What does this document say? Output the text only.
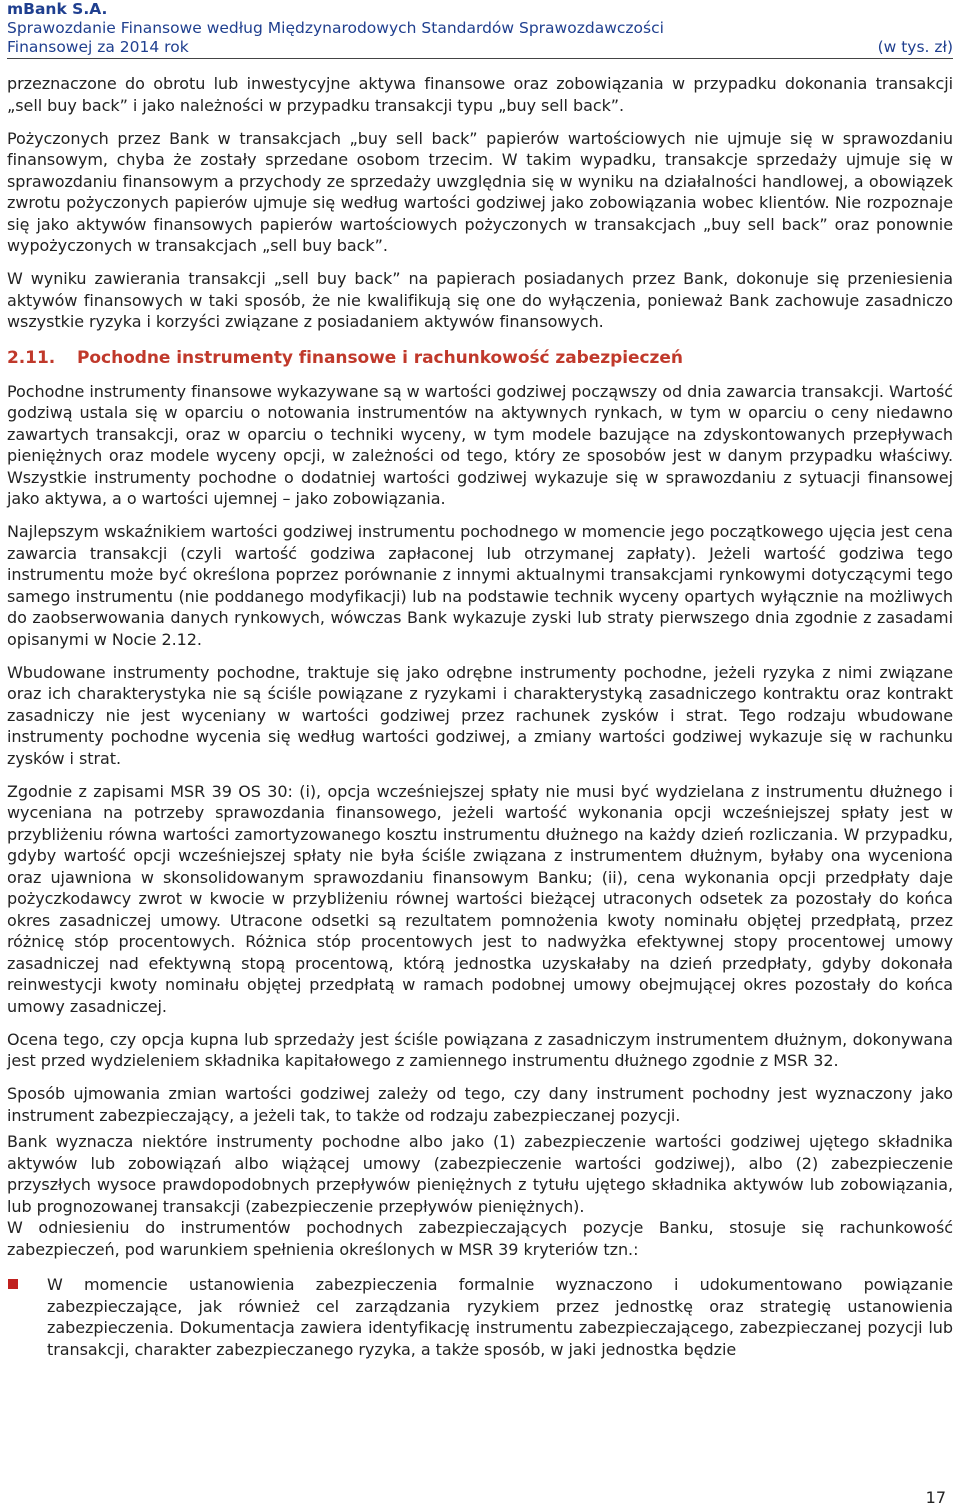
mBank S.A.
Sprawozdanie Finansowe według Międzynarodowych Standardów Sprawozdawczości
Finansowej za 2014 rok	(w tys. zł)

przeznaczone do obrotu lub inwestycyjne aktywa finansowe oraz zobowiązania w przypadku dokonania transakcji „sell buy back” i jako należności w przypadku transakcji typu „buy sell back”.

Pożyczonych przez Bank w transakcjach „buy sell back” papierów wartościowych nie ujmuje się w sprawozdaniu finansowym, chyba że zostały sprzedane osobom trzecim. W takim wypadku, transakcje sprzedaży ujmuje się w sprawozdaniu finansowym a przychody ze sprzedaży uwzględnia się w wyniku na działalności handlowej, a obowiązek zwrotu pożyczonych papierów ujmuje się według wartości godziwej jako zobowiązania wobec klientów. Nie rozpoznaje się jako aktywów finansowych papierów wartościowych pożyczonych w transakcjach „buy sell back” oraz ponownie wypożyczonych w transakcjach „sell buy back”.

W wyniku zawierania transakcji „sell buy back” na papierach posiadanych przez Bank, dokonuje się przeniesienia aktywów finansowych w taki sposób, że nie kwalifikują się one do wyłączenia, ponieważ Bank zachowuje zasadniczo wszystkie ryzyka i korzyści związane z posiadaniem aktywów finansowych.

2.11. Pochodne instrumenty finansowe i rachunkowość zabezpieczeń

Pochodne instrumenty finansowe wykazywane są w wartości godziwej począwszy od dnia zawarcia transakcji. Wartość godziwą ustala się w oparciu o notowania instrumentów na aktywnych rynkach, w tym w oparciu o ceny niedawno zawartych transakcji, oraz w oparciu o techniki wyceny, w tym modele bazujące na zdyskontowanych przepływach pieniężnych oraz modele wyceny opcji, w zależności od tego, który ze sposobów jest w danym przypadku właściwy. Wszystkie instrumenty pochodne o dodatniej wartości godziwej wykazuje się w sprawozdaniu z sytuacji finansowej jako aktywa, a o wartości ujemnej – jako zobowiązania.

Najlepszym wskaźnikiem wartości godziwej instrumentu pochodnego w momencie jego początkowego ujęcia jest cena zawarcia transakcji (czyli wartość godziwa zapłaconej lub otrzymanej zapłaty). Jeżeli wartość godziwa tego instrumentu może być określona poprzez porównanie z innymi aktualnymi transakcjami rynkowymi dotyczącymi tego samego instrumentu (nie poddanego modyfikacji) lub na podstawie technik wyceny opartych wyłącznie na możliwych do zaobserwowania danych rynkowych, wówczas Bank wykazuje zyski lub straty pierwszego dnia zgodnie z zasadami opisanymi w Nocie 2.12.

Wbudowane instrumenty pochodne, traktuje się jako odrębne instrumenty pochodne, jeżeli ryzyka z nimi związane oraz ich charakterystyka nie są ściśle powiązane z ryzykami i charakterystyką zasadniczego kontraktu oraz kontrakt zasadniczy nie jest wyceniany w wartości godziwej przez rachunek zysków i strat. Tego rodzaju wbudowane instrumenty pochodne wycenia się według wartości godziwej, a zmiany wartości godziwej wykazuje się w rachunku zysków i strat.

Zgodnie z zapisami MSR 39 OS 30: (i), opcja wcześniejszej spłaty nie musi być wydzielana z instrumentu dłużnego i wyceniana na potrzeby sprawozdania finansowego, jeżeli wartość wykonania opcji wcześniejszej spłaty jest w przybliżeniu równa wartości zamortyzowanego kosztu instrumentu dłużnego na każdy dzień rozliczania. W przypadku, gdyby wartość opcji wcześniejszej spłaty nie była ściśle związana z instrumentem dłużnym, byłaby ona wyceniona oraz ujawniona w skonsolidowanym sprawozdaniu finansowym Banku; (ii), cena wykonania opcji przedpłaty daje pożyczkodawcy zwrot w kwocie w przybliżeniu równej wartości bieżącej utraconych odsetek za pozostały do końca okres zasadniczej umowy. Utracone odsetki są rezultatem pomnożenia kwoty nominału objętej przedpłatą, przez różnicę stóp procentowych. Różnica stóp procentowych jest to nadwyżka efektywnej stopy procentowej umowy zasadniczej nad efektywną stopą procentową, którą jednostka uzyskałaby na dzień przedpłaty, gdyby dokonała reinwestycji kwoty nominału objętej przedpłatą w ramach podobnej umowy obejmującej okres pozostały do końca umowy zasadniczej.

Ocena tego, czy opcja kupna lub sprzedaży jest ściśle powiązana z zasadniczym instrumentem dłużnym, dokonywana jest przed wydzieleniem składnika kapitałowego z zamiennego instrumentu dłużnego zgodnie z MSR 32.

Sposób ujmowania zmian wartości godziwej zależy od tego, czy dany instrument pochodny jest wyznaczony jako instrument zabezpieczający, a jeżeli tak, to także od rodzaju zabezpieczanej pozycji.

Bank wyznacza niektóre instrumenty pochodne albo jako (1) zabezpieczenie wartości godziwej ujętego składnika aktywów lub zobowiązań albo wiążącej umowy (zabezpieczenie wartości godziwej), albo (2) zabezpieczenie przyszłych wysoce prawdopodobnych przepływów pieniężnych z tytułu ujętego składnika aktywów lub zobowiązania, lub prognozowanej transakcji (zabezpieczenie przepływów pieniężnych).

W odniesieniu do instrumentów pochodnych zabezpieczających pozycje Banku, stosuje się rachunkowość zabezpieczeń, pod warunkiem spełnienia określonych w MSR 39 kryteriów tzn.:

W momencie ustanowienia zabezpieczenia formalnie wyznaczono i udokumentowano powiązanie zabezpieczające, jak również cel zarządzania ryzykiem przez jednostkę oraz strategię ustanowienia zabezpieczenia. Dokumentacja zawiera identyfikację instrumentu zabezpieczającego, zabezpieczanej pozycji lub transakcji, charakter zabezpieczanego ryzyka, a także sposób, w jaki jednostka będzie
17
